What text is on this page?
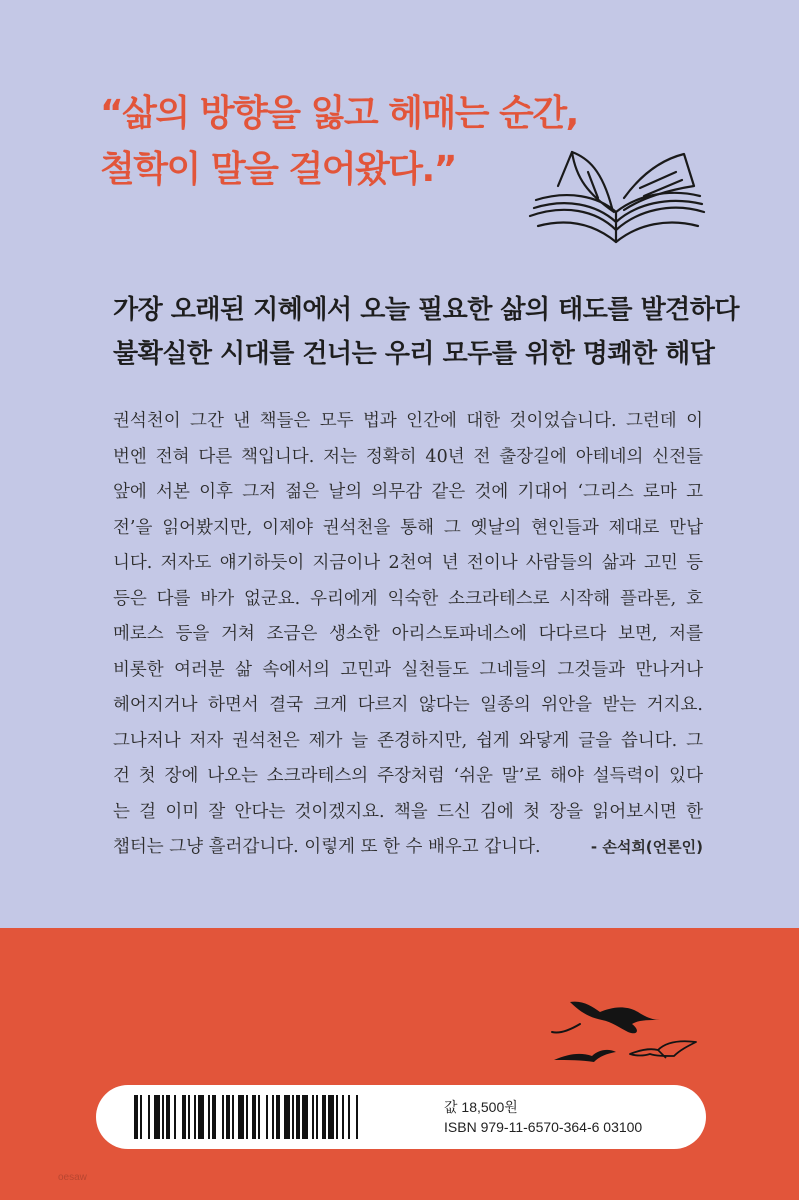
“삶의 방향을 잃고 헤매는 순간,
철학이 말을 걸어왔다.”
가장 오래된 지혜에서 오늘 필요한 삶의 태도를 발견하다
불확실한 시대를 건너는 우리 모두를 위한 명쾌한 해답
권석천이 그간 낸 책들은 모두 법과 인간에 대한 것이었습니다. 그런데 이
번엔 전혀 다른 책입니다. 저는 정확히 40년 전 출장길에 아테네의 신전들
앞에 서본 이후 그저 젊은 날의 의무감 같은 것에 기대어 ‘그리스 로마 고
전’을 읽어봤지만, 이제야 권석천을 통해 그 옛날의 현인들과 제대로 만납
니다. 저자도 얘기하듯이 지금이나 2천여 년 전이나 사람들의 삶과 고민 등
등은 다를 바가 없군요. 우리에게 익숙한 소크라테스로 시작해 플라톤, 호
메로스 등을 거쳐 조금은 생소한 아리스토파네스에 다다르다 보면, 저를
비롯한 여러분 삶 속에서의 고민과 실천들도 그네들의 그것들과 만나거나
헤어지거나 하면서 결국 크게 다르지 않다는 일종의 위안을 받는 거지요.
그나저나 저자 권석천은 제가 늘 존경하지만, 쉽게 와닿게 글을 씁니다. 그
건 첫 장에 나오는 소크라테스의 주장처럼 ‘쉬운 말’로 해야 설득력이 있다
는 걸 이미 잘 안다는 것이겠지요. 책을 드신 김에 첫 장을 읽어보시면 한
챕터는 그냥 흘러갑니다. 이렇게 또 한 수 배우고 갑니다.	- 손석희(언론인)
값 18,500원
ISBN 979-11-6570-364-6 03100
oesaw
